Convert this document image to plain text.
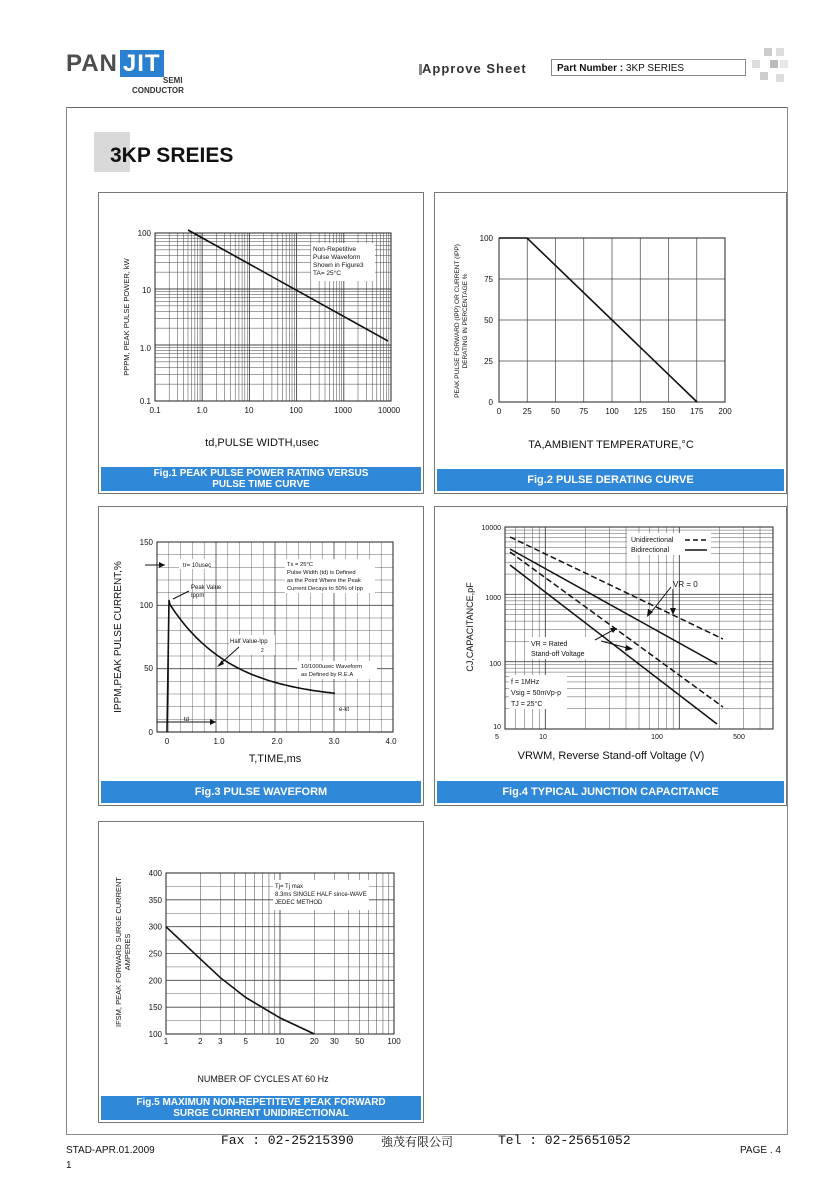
PAN JIT
SEMI
CONDUCTOR
Approve Sheet	Part Number : 3KP SERIES
3KP SREIES
100
10
1.0
0.1
0.1	1.0	10	100	1000	10000
Non-Repetitive
Pulse Waveform
Shown in Figure3
TA= 25°C
PPPM, PEAK PULSE POWER, kW
td,PULSE WIDTH,usec
Fig.1 PEAK PULSE POWER RATING VERSUS
PULSE TIME CURVE
100
75
50
25
0
0	25 50 75 100 125 150 175 200
PEAK PULSE FORWARD (IPP) OR CURRENT (IPP) DERATING IN PERCENTAGE %
TA,AMBIENT TEMPERATURE,°C
Fig.2 PULSE DERATING CURVE
150
100
50
0
0	1.0	2.0	3.0	4.0
tr= 10usec
Peak Value
Ippm
Tx = 25°C
Pulse Width (td) is Defined
as the Point Where the Peak
Current Decays to 50% of Ipp
Half Value-Ipp
2
10/1000usec Waveform
as Defined by R.E.A
e-kt
td
IPPM,PEAK PULSE CURRENT,%
T,TIME,ms
Fig.3 PULSE WAVEFORM
Unidirectional
Bidirectional
VR = 0
VR = Rated
Stand-off Voltage
f = 1MHz
Vsig = 50mVp-p
TJ = 25°C
10000
1000
100
10
5	10	100	500
CJ,CAPACITANCE,pF
VRWM, Reverse Stand-off Voltage (V)
Fig.4 TYPICAL JUNCTION CAPACITANCE
400
350
300
250
200
150
100
1	2 3	5	10	20 30 50	100
Tj= Tj max
8.3ms SINGLE HALF since-WAVE
JEDEC METHOD
IFSM, PEAK FORWARD SURGE CURRENT AMPERES
NUMBER OF CYCLES AT 60 Hz
Fig.5 MAXIMUN NON-REPETITEVE PEAK FORWARD
SURGE CURRENT UNIDIRECTIONAL
STAD-APR.01.2009
1
Fax : 02-25215390 強茂有限公司	Tel : 02-25651052
PAGE . 4
